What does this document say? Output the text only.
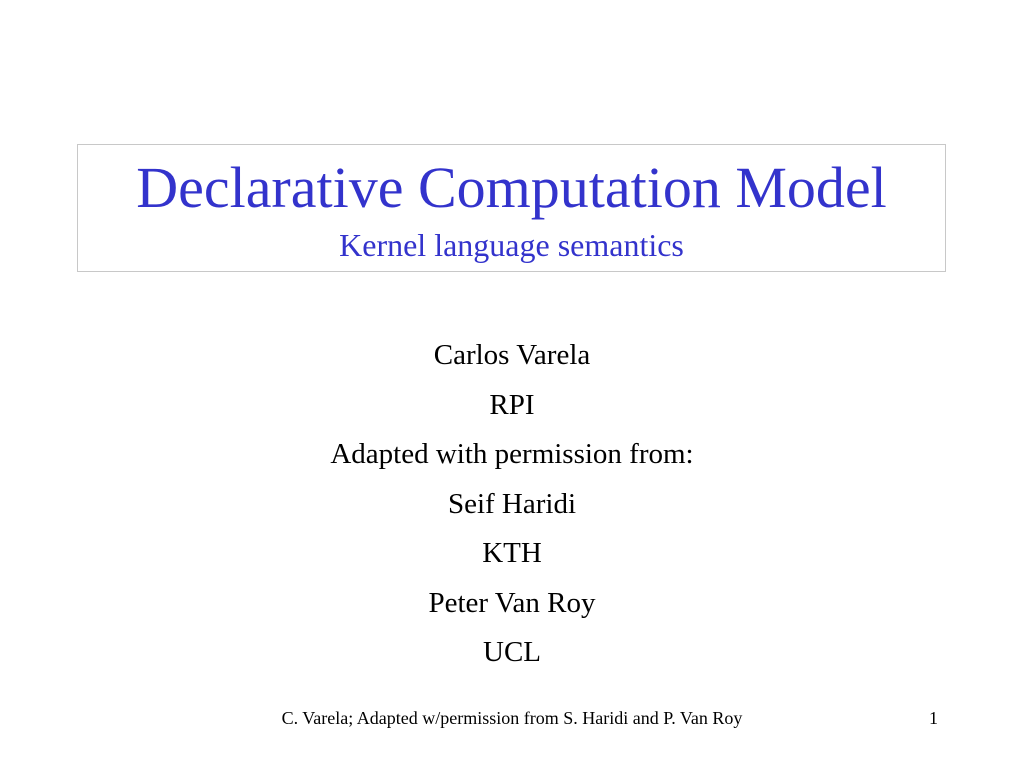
Declarative Computation Model
Kernel language semantics
Carlos Varela
RPI
Adapted with permission from:
Seif Haridi
KTH
Peter Van Roy
UCL
C. Varela; Adapted w/permission from S. Haridi and P. Van Roy	1
